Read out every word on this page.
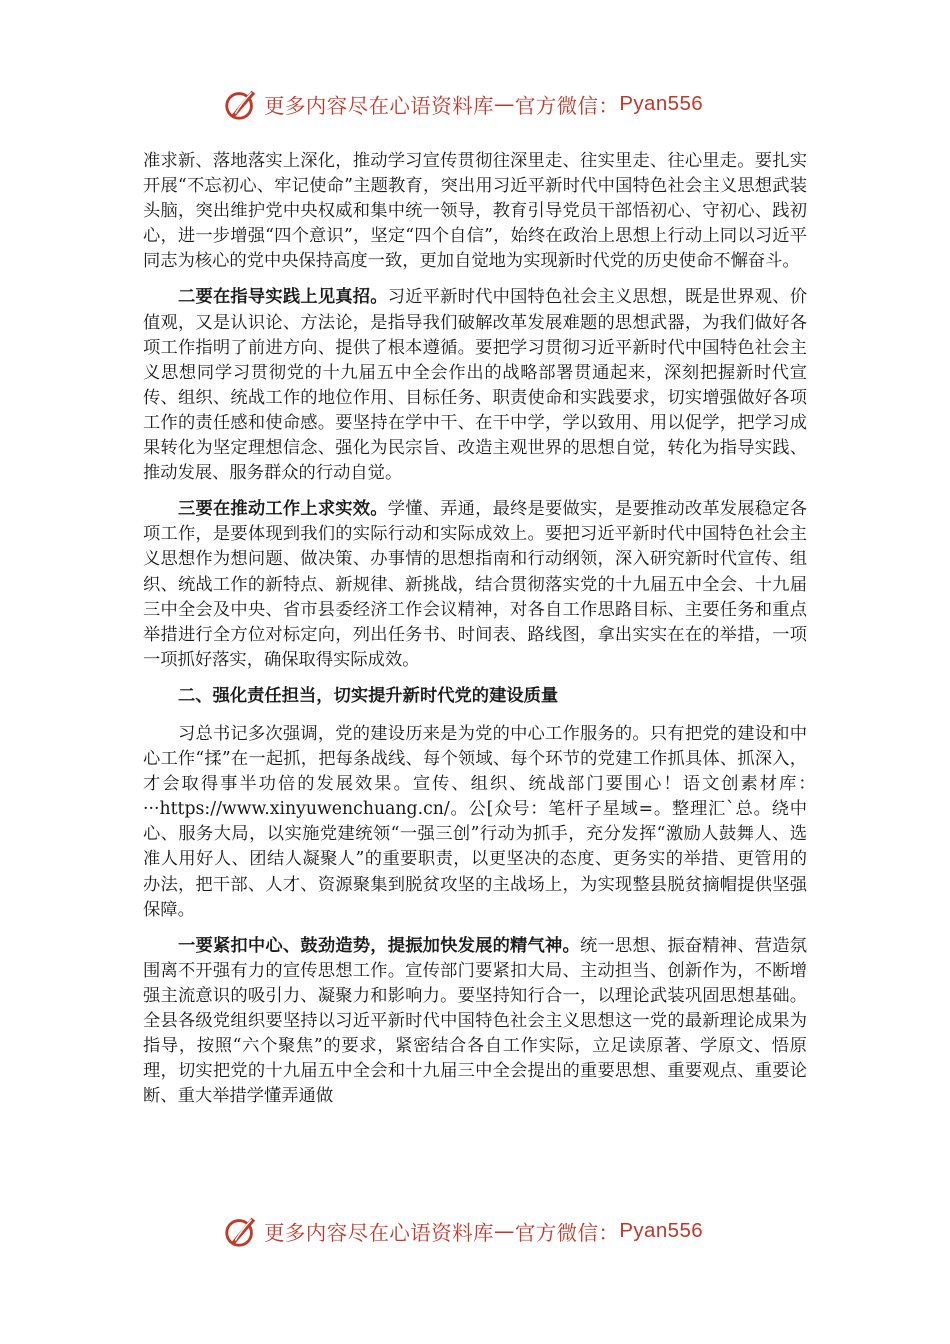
更多内容尽在心语资料库 — 官方微信： Pyan556

准求新、落地落实上深化，推动学习宣传贯彻往深里走、往实里走、往心里走。要扎实开展“不忘初心、牢记使命”主题教育，突出用习近平新时代中国特色社会主义思想武装头脑，突出维护党中央权威和集中统一领导，教育引导党员干部悟初心、守初心、践初心，进一步增强“四个意识”，坚定“四个自信”，始终在政治上思想上行动上同以习近平同志为核心的党中央保持高度一致，更加自觉地为实现新时代党的历史使命不懈奋斗。

二要在指导实践上见真招。习近平新时代中国特色社会主义思想，既是世界观、价值观，又是认识论、方法论，是指导我们破解改革发展难题的思想武器，为我们做好各项工作指明了前进方向、提供了根本遵循。要把学习贯彻习近平新时代中国特色社会主义思想同学习贯彻党的十九届五中全会作出的战略部署贯通起来，深刻把握新时代宣传、组织、统战工作的地位作用、目标任务、职责使命和实践要求，切实增强做好各项工作的责任感和使命感。要坚持在学中干、在干中学，学以致用、用以促学，把学习成果转化为坚定理想信念、强化为民宗旨、改造主观世界的思想自觉，转化为指导实践、推动发展、服务群众的行动自觉。

三要在推动工作上求实效。学懂、弄通，最终是要做实，是要推动改革发展稳定各项工作，是要体现到我们的实际行动和实际成效上。要把习近平新时代中国特色社会主义思想作为想问题、做决策、办事情的思想指南和行动纲领，深入研究新时代宣传、组织、统战工作的新特点、新规律、新挑战，结合贯彻落实党的十九届五中全会、十九届三中全会及中央、省市县委经济工作会议精神，对各自工作思路目标、主要任务和重点举措进行全方位对标定向，列出任务书、时间表、路线图，拿出实实在在的举措，一项一项抓好落实，确保取得实际成效。

二、强化责任担当，切实提升新时代党的建设质量

习总书记多次强调，党的建设历来是为党的中心工作服务的。只有把党的建设和中心工作“揉”在一起抓，把每条战线、每个领域、每个环节的党建工作抓具体、抓深入，才会取得事半功倍的发展效果。宣传、组织、统战部门要围心！语文创素材库：···https://www.xinyuwenchuang.cn/。公[众号：笔杆子星域=。整理汇`总。绕中心、服务大局，以实施党建统领“一强三创”行动为抓手，充分发挥“激励人鼓舞人、选准人用好人、团结人凝聚人”的重要职责，以更坚决的态度、更务实的举措、更管用的办法，把干部、人才、资源聚集到脱贫攻坚的主战场上，为实现整县脱贫摘帽提供坚强保障。

一要紧扣中心、鼓劲造势，提振加快发展的精气神。统一思想、振奋精神、营造氛围离不开强有力的宣传思想工作。宣传部门要紧扣大局、主动担当、创新作为，不断增强主流意识的吸引力、凝聚力和影响力。要坚持知行合一，以理论武装巩固思想基础。全县各级党组织要坚持以习近平新时代中国特色社会主义思想这一党的最新理论成果为指导，按照“六个聚焦”的要求，紧密结合各自工作实际，立足读原著、学原文、悟原理，切实把党的十九届五中全会和十九届三中全会提出的重要思想、重要观点、重要论断、重大举措学懂弄通做

更多内容尽在心语资料库 — 官方微信： Pyan556
